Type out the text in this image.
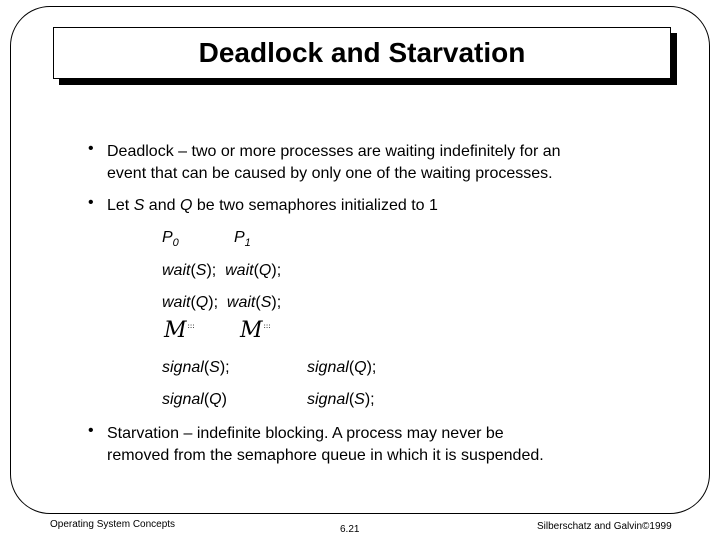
Deadlock and Starvation
• Deadlock – two or more processes are waiting indefinitely for an
event that can be caused by only one of the waiting processes.
• Let S and Q be two semaphores initialized to 1
$P_0$	$P_1$
wait(S);  wait(Q);
wait(Q);  wait(S);
M::: M:::
signal(S);	signal(Q);
signal(Q)	signal(S);
• Starvation – indefinite blocking. A process may never be
removed from the semaphore queue in which it is suspended.
Operating System Concepts	6.21	Silberschatz and Galvin©1999
